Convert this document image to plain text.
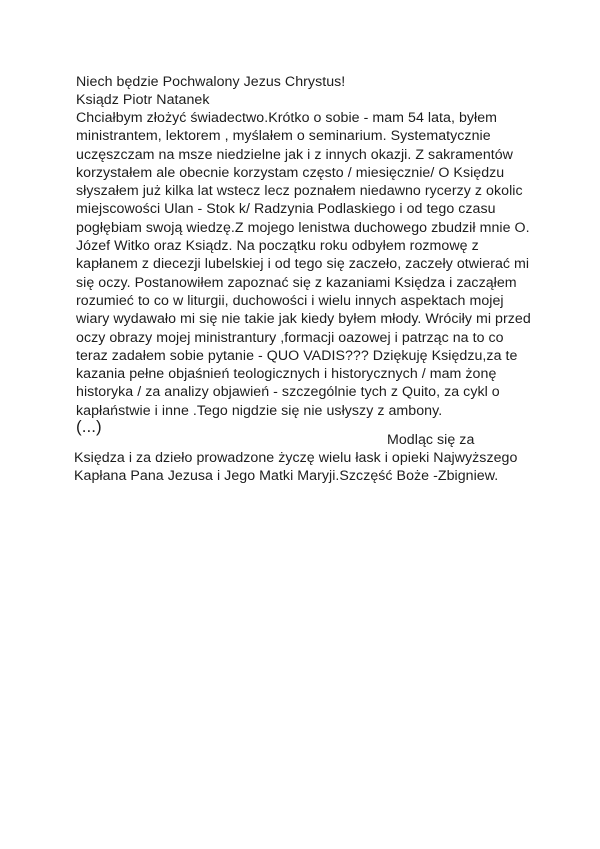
Niech będzie Pochwalony Jezus Chrystus!
Ksiądz Piotr Natanek
Chciałbym złożyć świadectwo.Krótko o sobie - mam 54 lata, byłem
ministrantem, lektorem , myślałem o seminarium. Systematycznie
uczęszczam na msze niedzielne jak i z innych okazji. Z sakramentów
korzystałem ale obecnie korzystam często / miesięcznie/ O Księdzu
słyszałem już kilka lat wstecz lecz poznałem niedawno rycerzy z okolic
miejscowości Ulan - Stok k/ Radzynia Podlaskiego i od tego czasu
pogłębiam swoją wiedzę.Z mojego lenistwa duchowego zbudził mnie O.
Józef Witko oraz Ksiądz. Na początku roku odbyłem rozmowę z
kapłanem z diecezji lubelskiej i od tego się zaczeło, zaczeły otwierać mi
się oczy. Postanowiłem zapoznać się z kazaniami Księdza i zacząłem
rozumieć to co w liturgii, duchowości i wielu innych aspektach mojej
wiary wydawało mi się nie takie jak kiedy byłem młody. Wróciły mi przed
oczy obrazy mojej ministrantury ,formacji oazowej i patrząc na to co
teraz zadałem sobie pytanie - QUO VADIS??? Dziękuję Księdzu,za te
kazania pełne objaśnień teologicznych i historycznych / mam żonę
historyka / za analizy objawień - szczególnie tych z Quito, za cykl o
kapłaństwie i inne .Tego nigdzie się nie usłyszy z ambony.
(...)
Modląc się za
Księdza i za dzieło prowadzone życzę wielu łask i opieki Najwyższego
Kapłana Pana Jezusa i Jego Matki Maryji.Szczęść Boże -Zbigniew.
